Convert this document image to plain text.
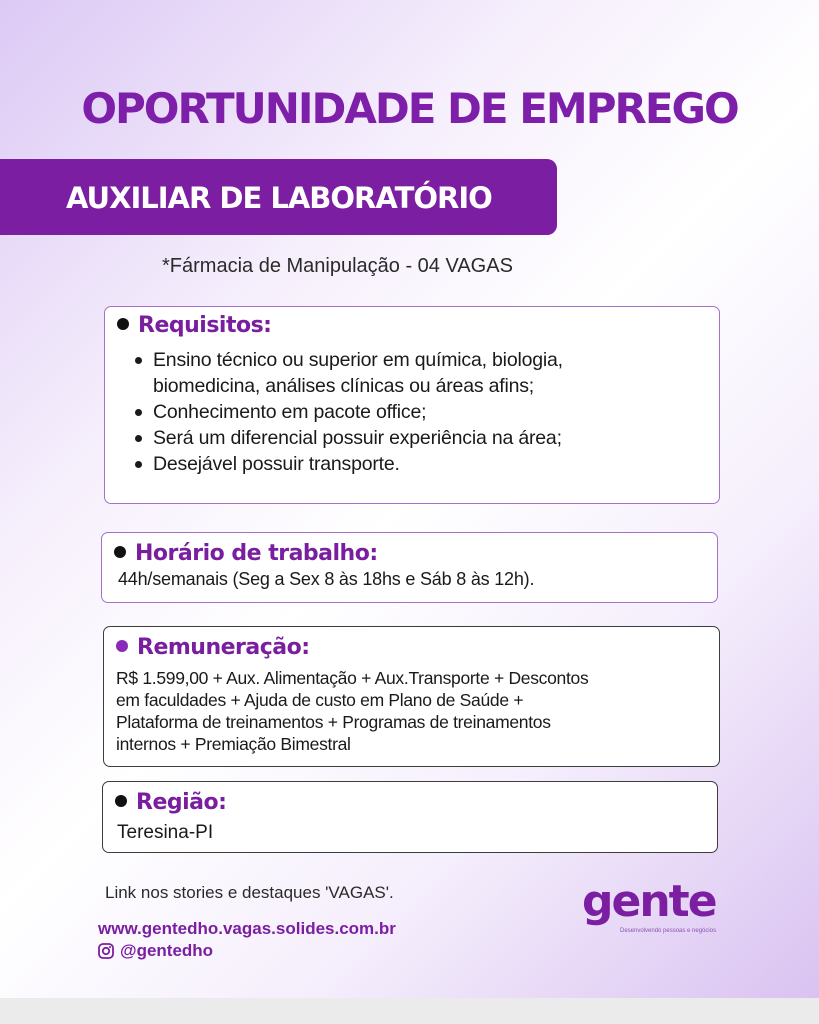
OPORTUNIDADE DE EMPREGO
AUXILIAR DE LABORATÓRIO
*Fármacia de Manipulação - 04 VAGAS
Requisitos:
Ensino técnico ou superior em química, biologia,
biomedicina, análises clínicas ou áreas afins;
Conhecimento em pacote office;
Será um diferencial possuir experiência na área;
Desejável possuir transporte.
Horário de trabalho:
44h/semanais (Seg a Sex 8 às 18hs e Sáb 8 às 12h).
Remuneração:
R$ 1.599,00 + Aux. Alimentação + Aux.Transporte + Descontos
em faculdades + Ajuda de custo em Plano de Saúde +
Plataforma de treinamentos + Programas de treinamentos
internos + Premiação Bimestral
Região:
Teresina-PI
Link nos stories e destaques 'VAGAS'.
www.gentedho.vagas.solides.com.br
@gentedho
gente
Desenvolvendo pessoas e negócios
